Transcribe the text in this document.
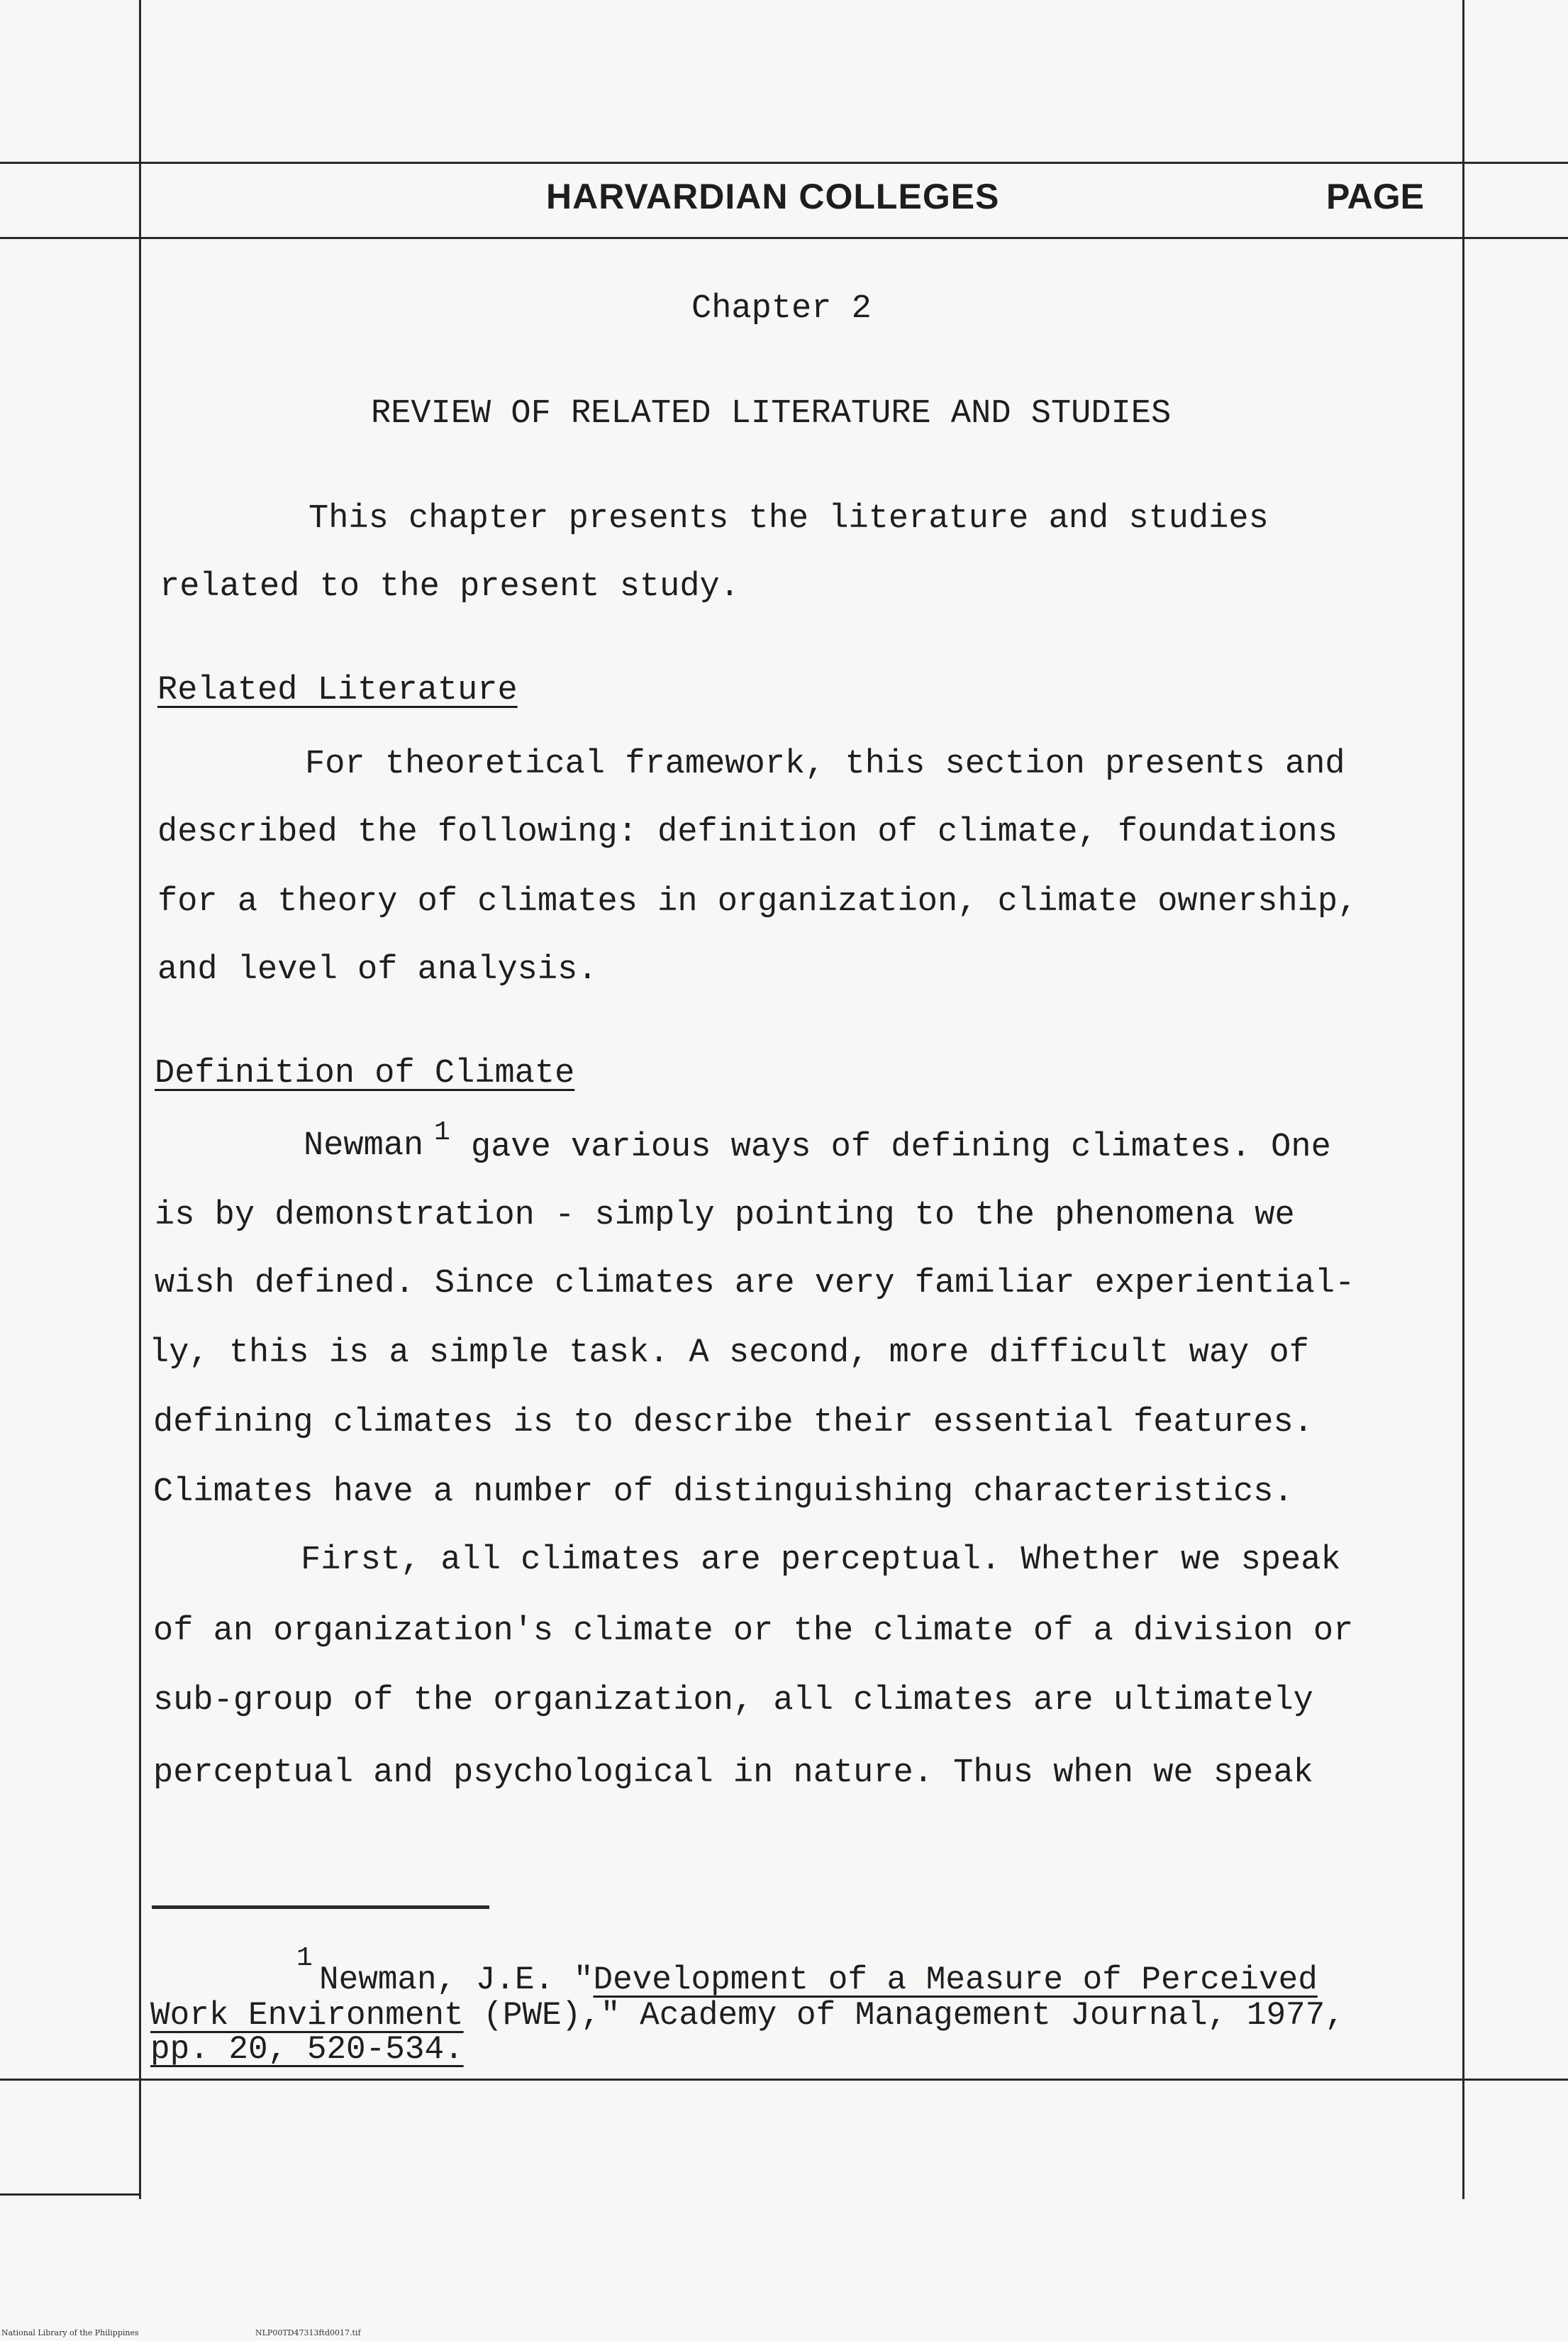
HARVARDIAN COLLEGES	PAGE
Chapter 2
REVIEW OF RELATED LITERATURE AND STUDIES
This chapter presents the literature and studies
related to the present study.
Related Literature
For theoretical framework, this section presents and
described the following: definition of climate, foundations
for a theory of climates in organization, climate ownership,
and level of analysis.
Definition of Climate
Newman 1 gave various ways of defining climates. One
is by demonstration - simply pointing to the phenomena we
wish defined. Since climates are very familiar experiential-
ly, this is a simple task. A second, more difficult way of
defining climates is to describe their essential features.
Climates have a number of distinguishing characteristics.
First, all climates are perceptual. Whether we speak
of an organization's climate or the climate of a division or
sub-group of the organization, all climates are ultimately
perceptual and psychological in nature. Thus when we speak
1
Newman, J.E. "Development of a Measure of Perceived
Work Environment (PWE)," Academy of Management Journal, 1977,
pp. 20, 520-534.
National Library of the Philippines	NLP00TD47313ftd0017.tif
